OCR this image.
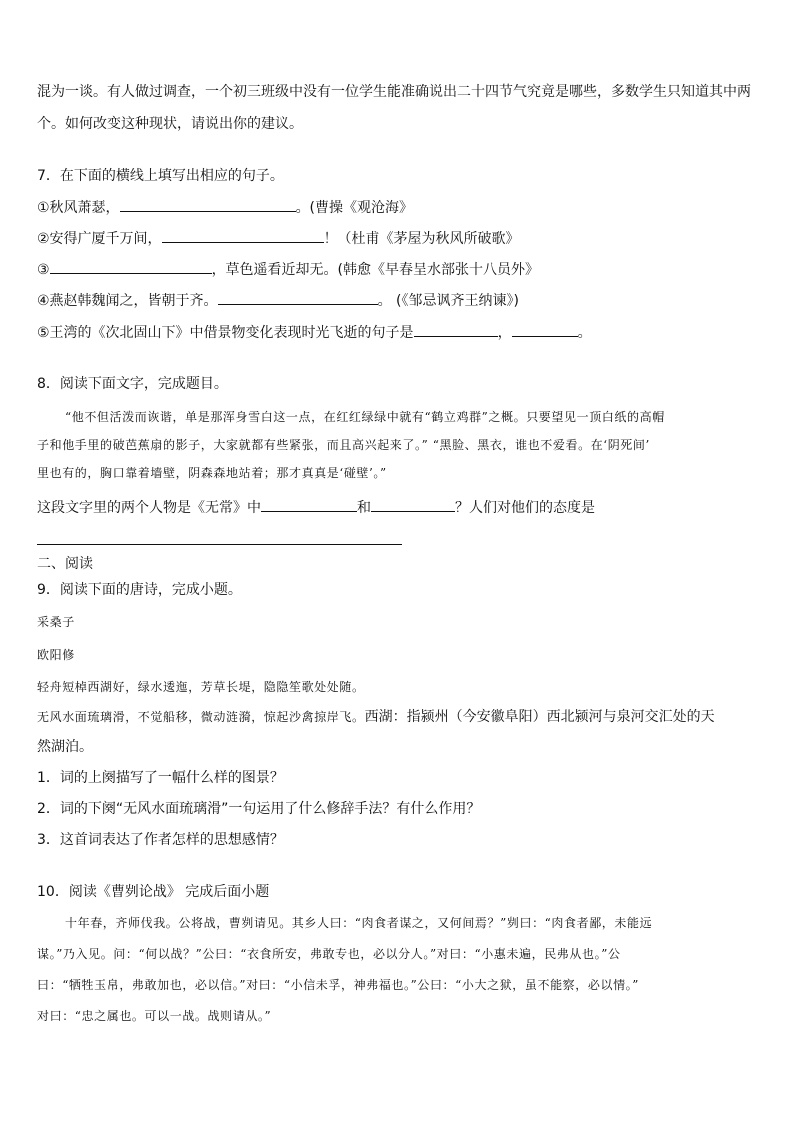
混为一谈。有人做过调查，一个初三班级中没有一位学生能准确说出二十四节气究竟是哪些，多数学生只知道其中两
个。如何改变这种现状，请说出你的建议。
7．在下面的横线上填写出相应的句子。
①秋风萧瑟，	。(曹操《观沧海》
②安得广厦千万间，	！（杜甫《茅屋为秋风所破歌》
③	，草色遥看近却无。(韩愈《早春呈水部张十八员外》
④燕赵韩魏闻之，皆朝于齐。	。 (《邹忌讽齐王纳谏》)
⑤王湾的《次北固山下》中借景物变化表现时光飞逝的句子是	，	。
8．阅读下面文字，完成题目。
“他不但活泼而诙谐，单是那浑身雪白这一点，在红红绿绿中就有“鹤立鸡群”之概。只要望见一顶白纸的高帽
子和他手里的破芭蕉扇的影子，大家就都有些紧张，而且高兴起来了。” “黑脸、黑衣，谁也不爱看。在‘阴死间’
里也有的，胸口靠着墙壁，阴森森地站着；那才真真是‘碰壁’。”
这段文字里的两个人物是《无常》中	和	？人们对他们的态度是
二、阅读
9．阅读下面的唐诗，完成小题。
采桑子
欧阳修
轻舟短棹西湖好，绿水逶迤，芳草长堤，隐隐笙歌处处随。
无风水面琉璃滑，不觉船移，微动涟漪，惊起沙禽掠岸飞。西湖：指颍州（今安徽阜阳）西北颍河与泉河交汇处的天
然湖泊。
1．词的上阕描写了一幅什么样的图景？
2．词的下阕“无风水面琉璃滑”一句运用了什么修辞手法？有什么作用？
3．这首词表达了作者怎样的思想感情？
10．阅读《曹刿论战》 完成后面小题
十年春，齐师伐我。公将战，曹刿请见。其乡人曰：“肉食者谋之，又何间焉？”刿曰：“肉食者鄙，未能远
谋。”乃入见。问：“何以战？”公曰：“衣食所安，弗敢专也，必以分人。”对曰：“小惠未遍，民弗从也。”公
曰：“牺牲玉帛，弗敢加也，必以信。”对曰：“小信未孚，神弗福也。”公曰：“小大之狱，虽不能察，必以情。”
对曰：“忠之属也。可以一战。战则请从。”
